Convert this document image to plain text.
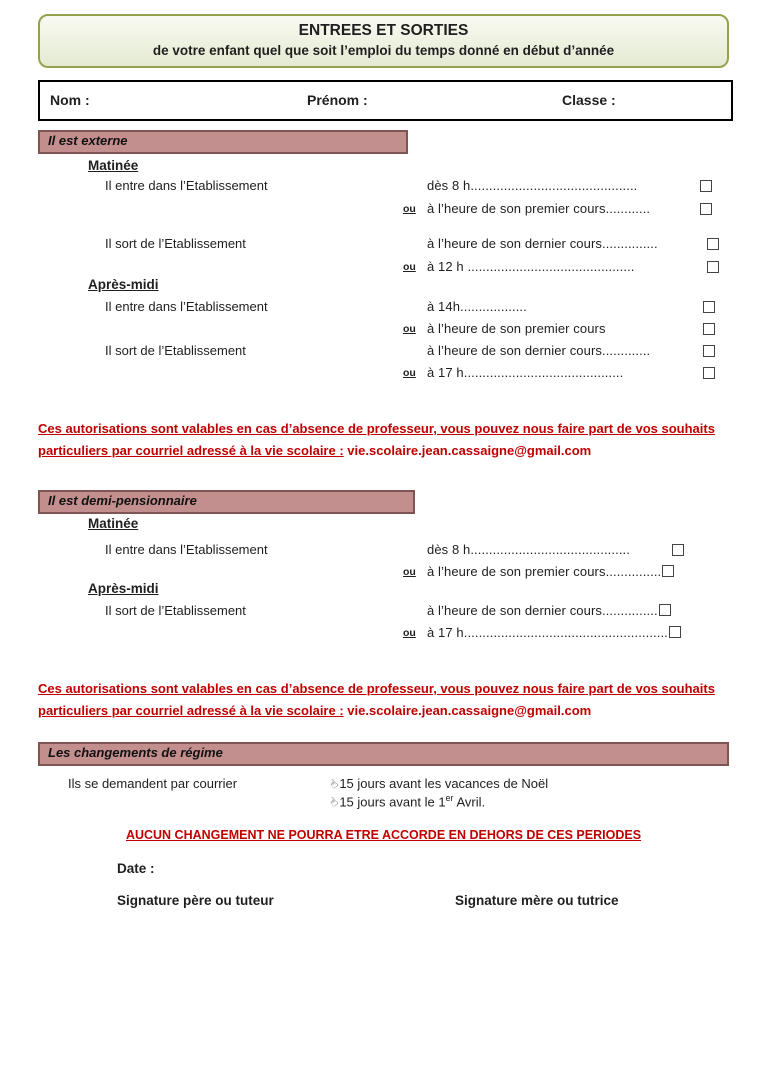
ENTREES ET SORTIES
de votre enfant quel que soit l’emploi du temps donné en début d’année
Nom :	Prénom :	Classe :
Il est externe
Matinée
Il entre dans l’Etablissement	dès 8 h.............................................
ou à l’heure de son premier cours............
Il sort de l’Etablissement	à l’heure de son dernier cours...............
ou à 12 h .............................................
Après-midi
Il entre dans l’Etablissement	à 14h..................
ou à l’heure de son premier cours
Il sort de l’Etablissement	à l’heure de son dernier cours.............
ou à 17 h...........................................
Ces autorisations sont valables en cas d’absence de professeur, vous pouvez nous faire part de vos souhaits particuliers par courriel adressé à la vie scolaire : vie.scolaire.jean.cassaigne@gmail.com
Il est demi-pensionnaire
Matinée
Il entre dans l’Etablissement	dès 8 h...........................................
ou à l’heure de son premier cours...............
Après-midi
Il sort de l’Etablissement	à l’heure de son dernier cours...............
ou à 17 h.......................................................
Ces autorisations sont valables en cas d’absence de professeur, vous pouvez nous faire part de vos souhaits particuliers par courriel adressé à la vie scolaire : vie.scolaire.jean.cassaigne@gmail.com
Les changements de régime
Ils se demandent par courrier	☝15 jours avant les vacances de Noël
☝15 jours avant le 1er Avril.
AUCUN CHANGEMENT NE POURRA ETRE ACCORDE EN DEHORS DE CES PERIODES
Date :
Signature père ou tuteur	Signature mère ou tutrice
